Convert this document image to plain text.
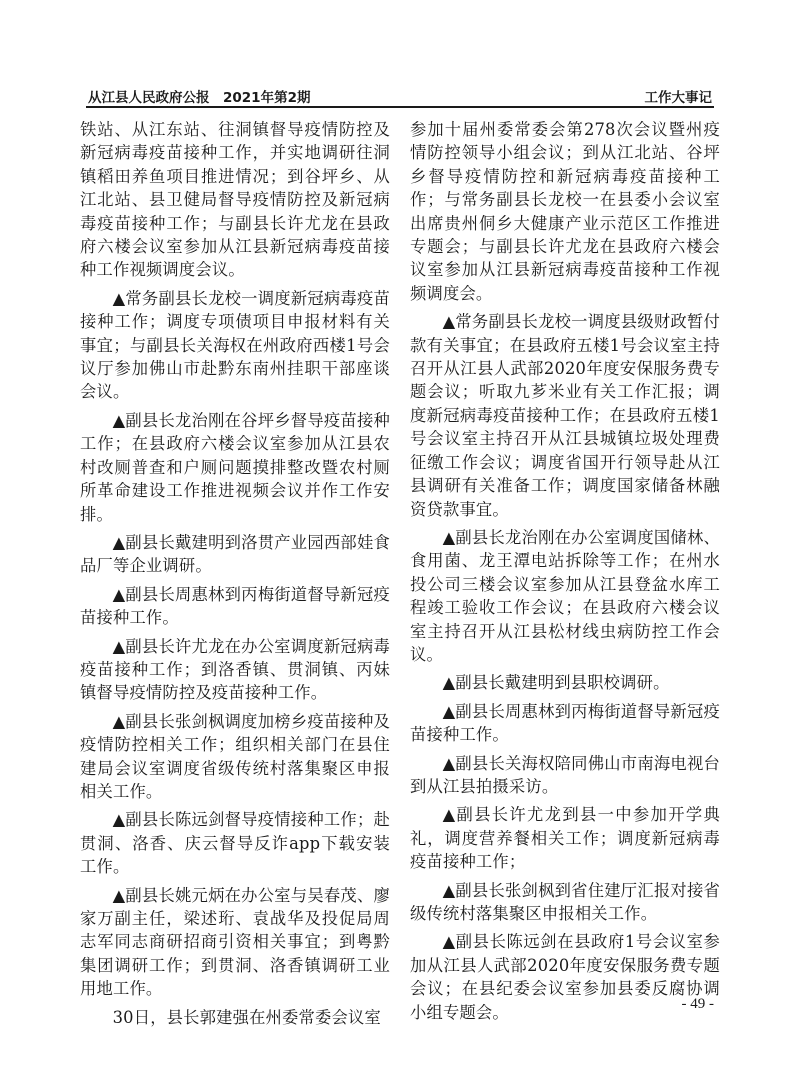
从江县人民政府公报　2021年第2期	工作大事记

铁站、从江东站、往洞镇督导疫情防控及新冠病毒疫苗接种工作，并实地调研往洞镇稻田养鱼项目推进情况；到谷坪乡、从江北站、县卫健局督导疫情防控及新冠病毒疫苗接种工作；与副县长许尤龙在县政府六楼会议室参加从江县新冠病毒疫苗接种工作视频调度会议。

▲常务副县长龙校一调度新冠病毒疫苗接种工作；调度专项债项目申报材料有关事宜；与副县长关海权在州政府西楼1号会议厅参加佛山市赴黔东南州挂职干部座谈会议。

▲副县长龙治刚在谷坪乡督导疫苗接种工作；在县政府六楼会议室参加从江县农村改厕普查和户厕问题摸排整改暨农村厕所革命建设工作推进视频会议并作工作安排。

▲副县长戴建明到洛贯产业园西部娃食品厂等企业调研。

▲副县长周惠林到丙梅街道督导新冠疫苗接种工作。

▲副县长许尤龙在办公室调度新冠病毒疫苗接种工作；到洛香镇、贯洞镇、丙妹镇督导疫情防控及疫苗接种工作。

▲副县长张剑枫调度加榜乡疫苗接种及疫情防控相关工作；组织相关部门在县住建局会议室调度省级传统村落集聚区申报相关工作。

▲副县长陈远剑督导疫情接种工作；赴贯洞、洛香、庆云督导反诈app下载安装工作。

▲副县长姚元炳在办公室与吴春茂、廖家万副主任，梁述珩、袁战华及投促局周志军同志商研招商引资相关事宜；到粤黔集团调研工作；到贯洞、洛香镇调研工业用地工作。

30日，县长郭建强在州委常委会议室

参加十届州委常委会第278次会议暨州疫情防控领导小组会议；到从江北站、谷坪乡督导疫情防控和新冠病毒疫苗接种工作；与常务副县长龙校一在县委小会议室出席贵州侗乡大健康产业示范区工作推进专题会；与副县长许尤龙在县政府六楼会议室参加从江县新冠病毒疫苗接种工作视频调度会。

▲常务副县长龙校一调度县级财政暂付款有关事宜；在县政府五楼1号会议室主持召开从江县人武部2020年度安保服务费专题会议；听取九芗米业有关工作汇报；调度新冠病毒疫苗接种工作；在县政府五楼1号会议室主持召开从江县城镇垃圾处理费征缴工作会议；调度省国开行领导赴从江县调研有关准备工作；调度国家储备林融资贷款事宜。

▲副县长龙治刚在办公室调度国储林、食用菌、龙王潭电站拆除等工作；在州水投公司三楼会议室参加从江县登盆水库工程竣工验收工作会议；在县政府六楼会议室主持召开从江县松材线虫病防控工作会议。

▲副县长戴建明到县职校调研。

▲副县长周惠林到丙梅街道督导新冠疫苗接种工作。

▲副县长关海权陪同佛山市南海电视台到从江县拍摄采访。

▲副县长许尤龙到县一中参加开学典礼，调度营养餐相关工作；调度新冠病毒疫苗接种工作；

▲副县长张剑枫到省住建厅汇报对接省级传统村落集聚区申报相关工作。

▲副县长陈远剑在县政府1号会议室参加从江县人武部2020年度安保服务费专题会议；在县纪委会议室参加县委反腐协调小组专题会。	- 49 -
